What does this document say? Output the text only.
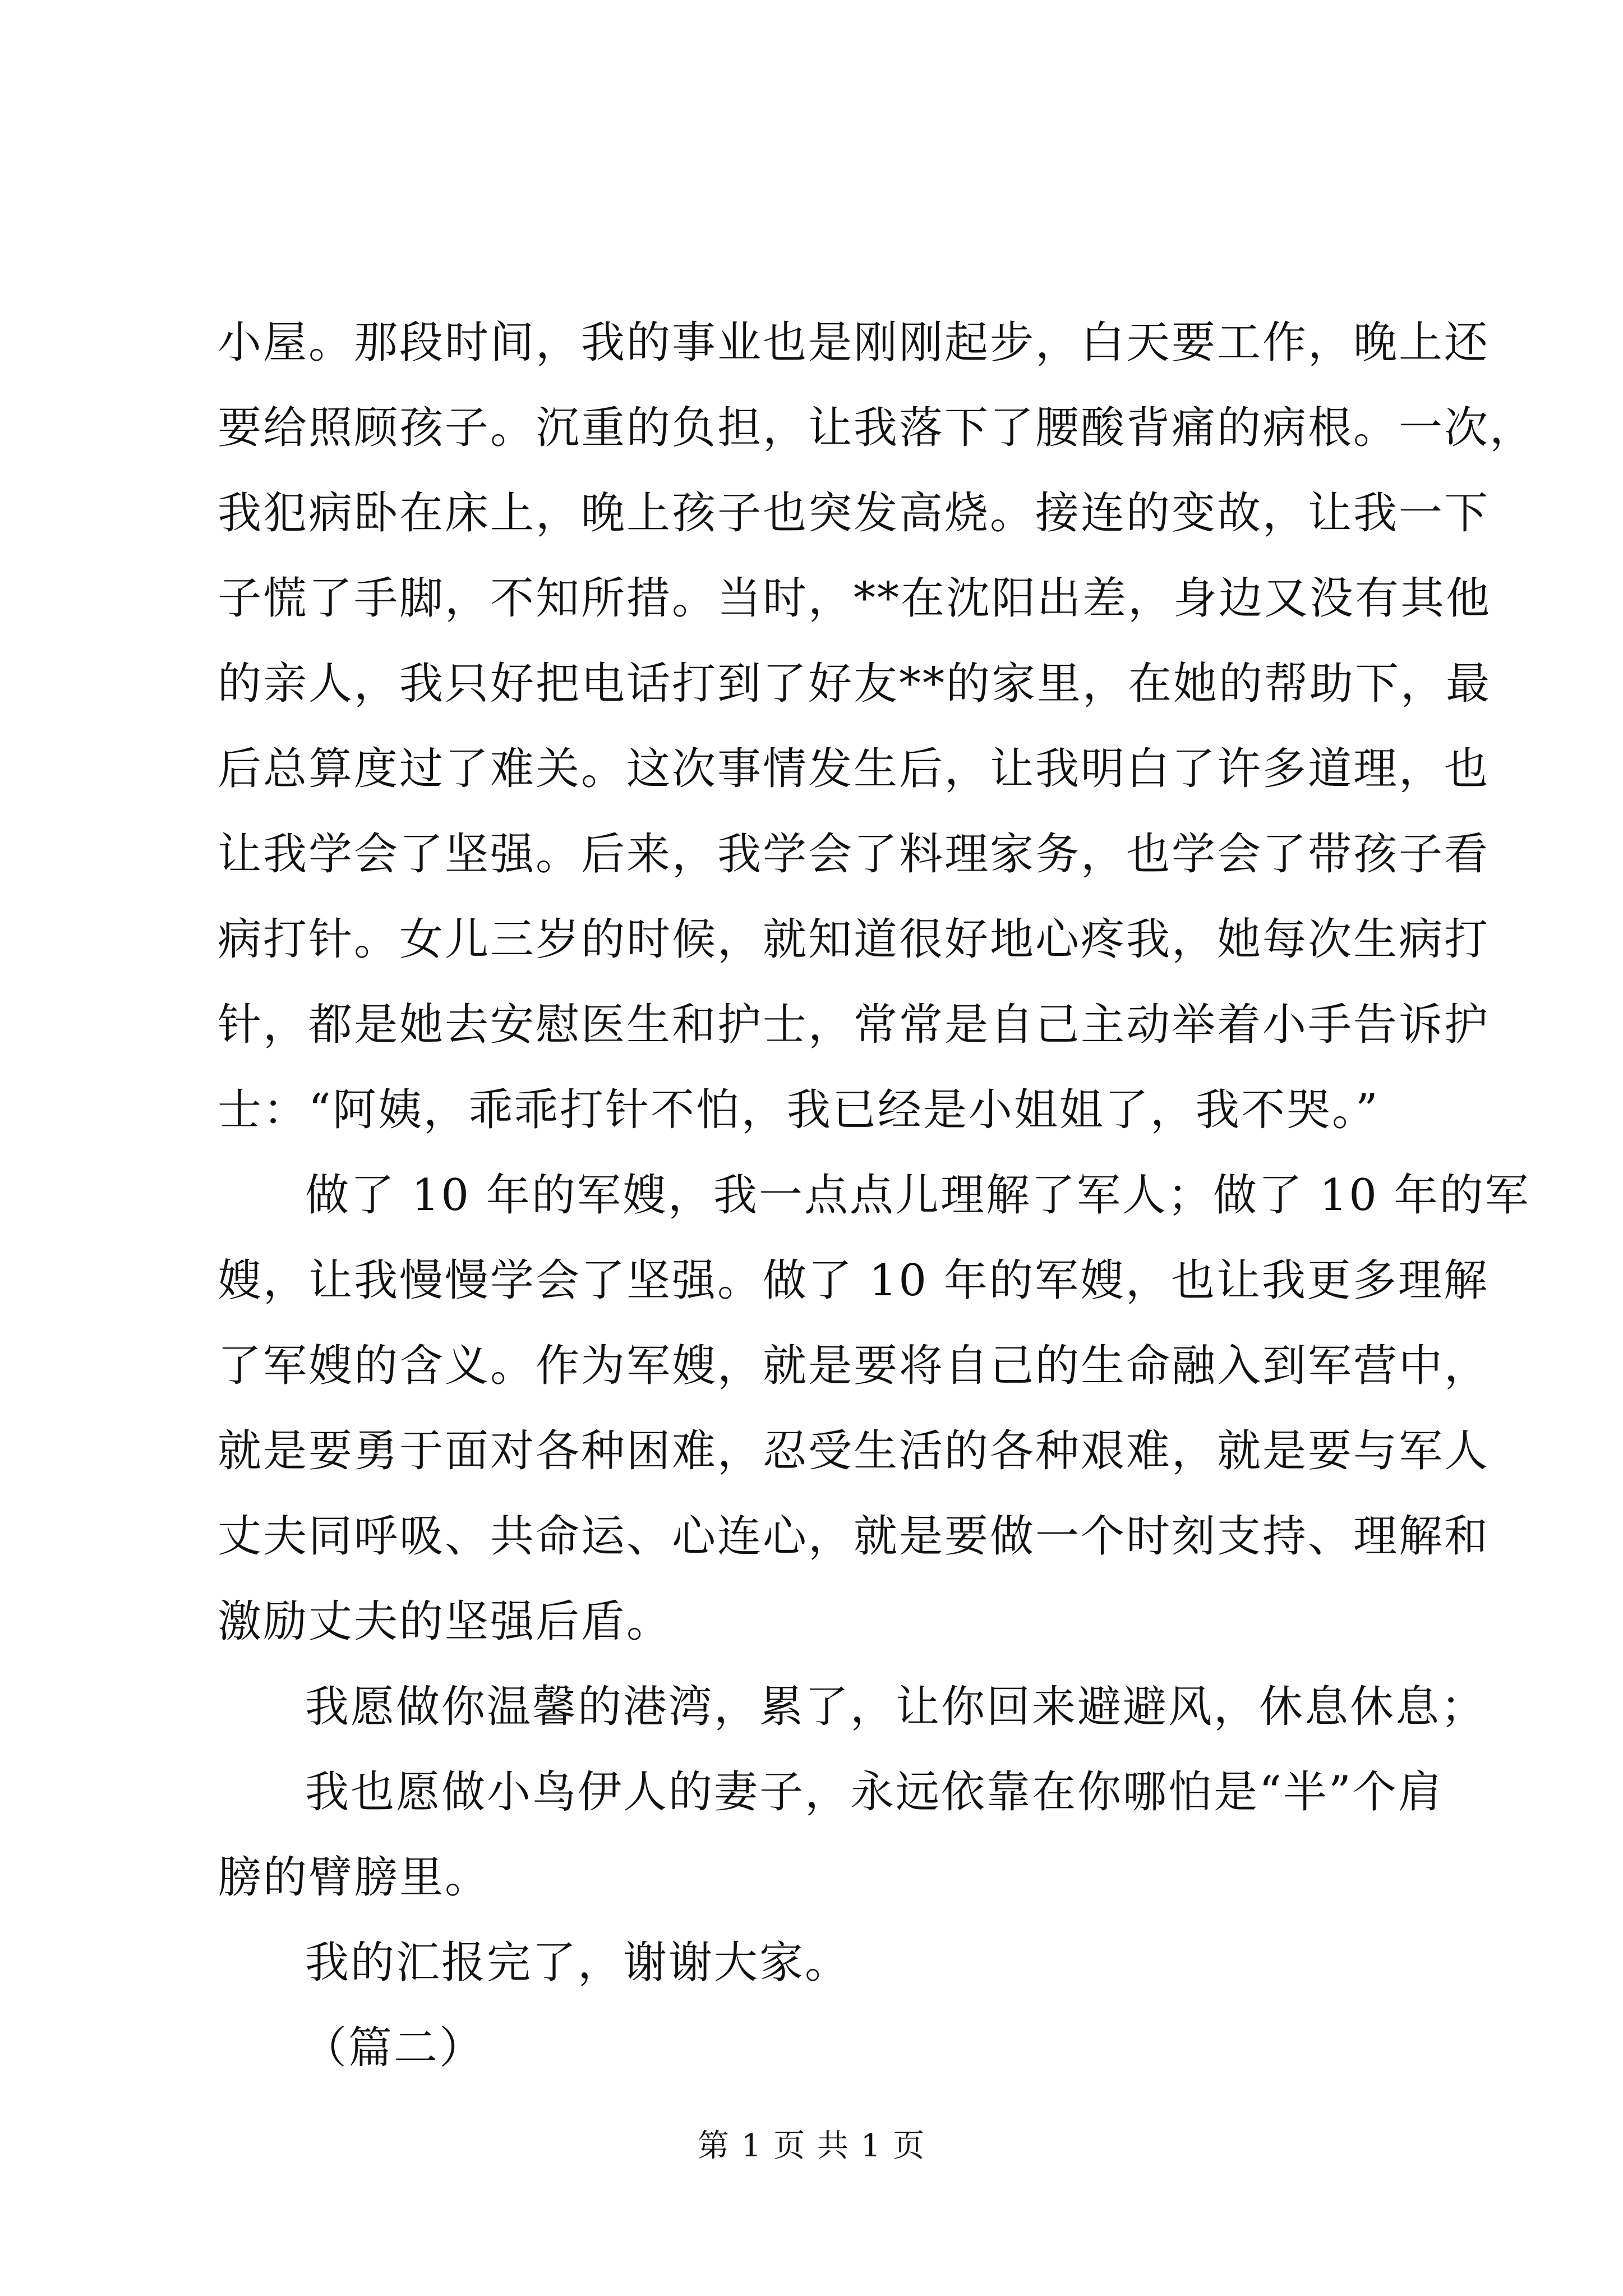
小屋。那段时间，我的事业也是刚刚起步，白天要工作，晚上还
要给照顾孩子。沉重的负担，让我落下了腰酸背痛的病根。一次，
我犯病卧在床上，晚上孩子也突发高烧。接连的变故，让我一下
子慌了手脚，不知所措。当时，**在沈阳出差，身边又没有其他
的亲人，我只好把电话打到了好友**的家里，在她的帮助下，最
后总算度过了难关。这次事情发生后，让我明白了许多道理，也
让我学会了坚强。后来，我学会了料理家务，也学会了带孩子看
病打针。女儿三岁的时候，就知道很好地心疼我，她每次生病打
针，都是她去安慰医生和护士，常常是自己主动举着小手告诉护
士：“阿姨，乖乖打针不怕，我已经是小姐姐了，我不哭。”
做了 10 年的军嫂，我一点点儿理解了军人；做了 10 年的军
嫂，让我慢慢学会了坚强。做了 10 年的军嫂，也让我更多理解
了军嫂的含义。作为军嫂，就是要将自己的生命融入到军营中，
就是要勇于面对各种困难，忍受生活的各种艰难，就是要与军人
丈夫同呼吸、共命运、心连心，就是要做一个时刻支持、理解和
激励丈夫的坚强后盾。
我愿做你温馨的港湾，累了，让你回来避避风，休息休息；
我也愿做小鸟伊人的妻子，永远依靠在你哪怕是“半”个肩
膀的臂膀里。
我的汇报完了，谢谢大家。
（篇二）
第 1 页 共 1 页
